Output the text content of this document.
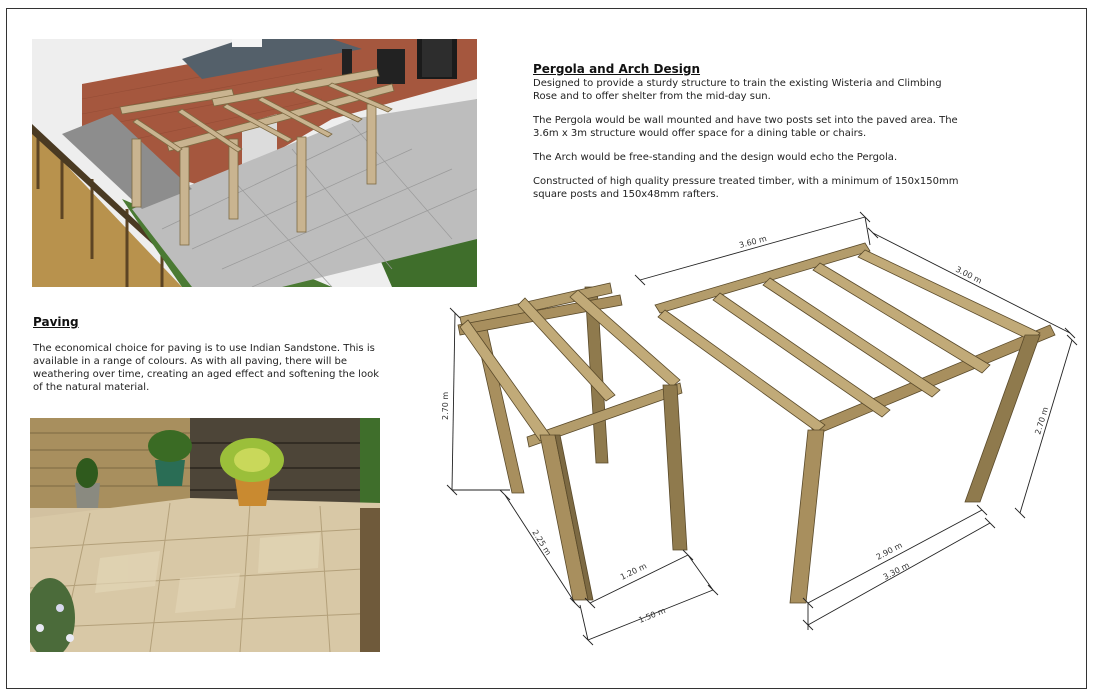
Pergola and Arch Design

Designed to provide a sturdy structure to train the existing Wisteria and Climbing Rose and to offer shelter from the mid-day sun.

The Pergola would be wall mounted and have two posts set into the paved area. The 3.6m x 3m structure would offer space for a dining table or chairs.

The Arch would be free-standing and the design would echo the Pergola.

Constructed of high quality pressure treated timber, with a minimum of 150x150mm square posts and 150x48mm rafters.

Paving

The economical choice for paving is to use Indian Sandstone. This is available in a range of colours. As with all paving, there will be weathering over time, creating an aged effect and softening the look of the natural material.

3.60 m
3.00 m
2.70 m
2.90 m
3.30 m
2.70 m
2.25 m
1.20 m
1.50 m
